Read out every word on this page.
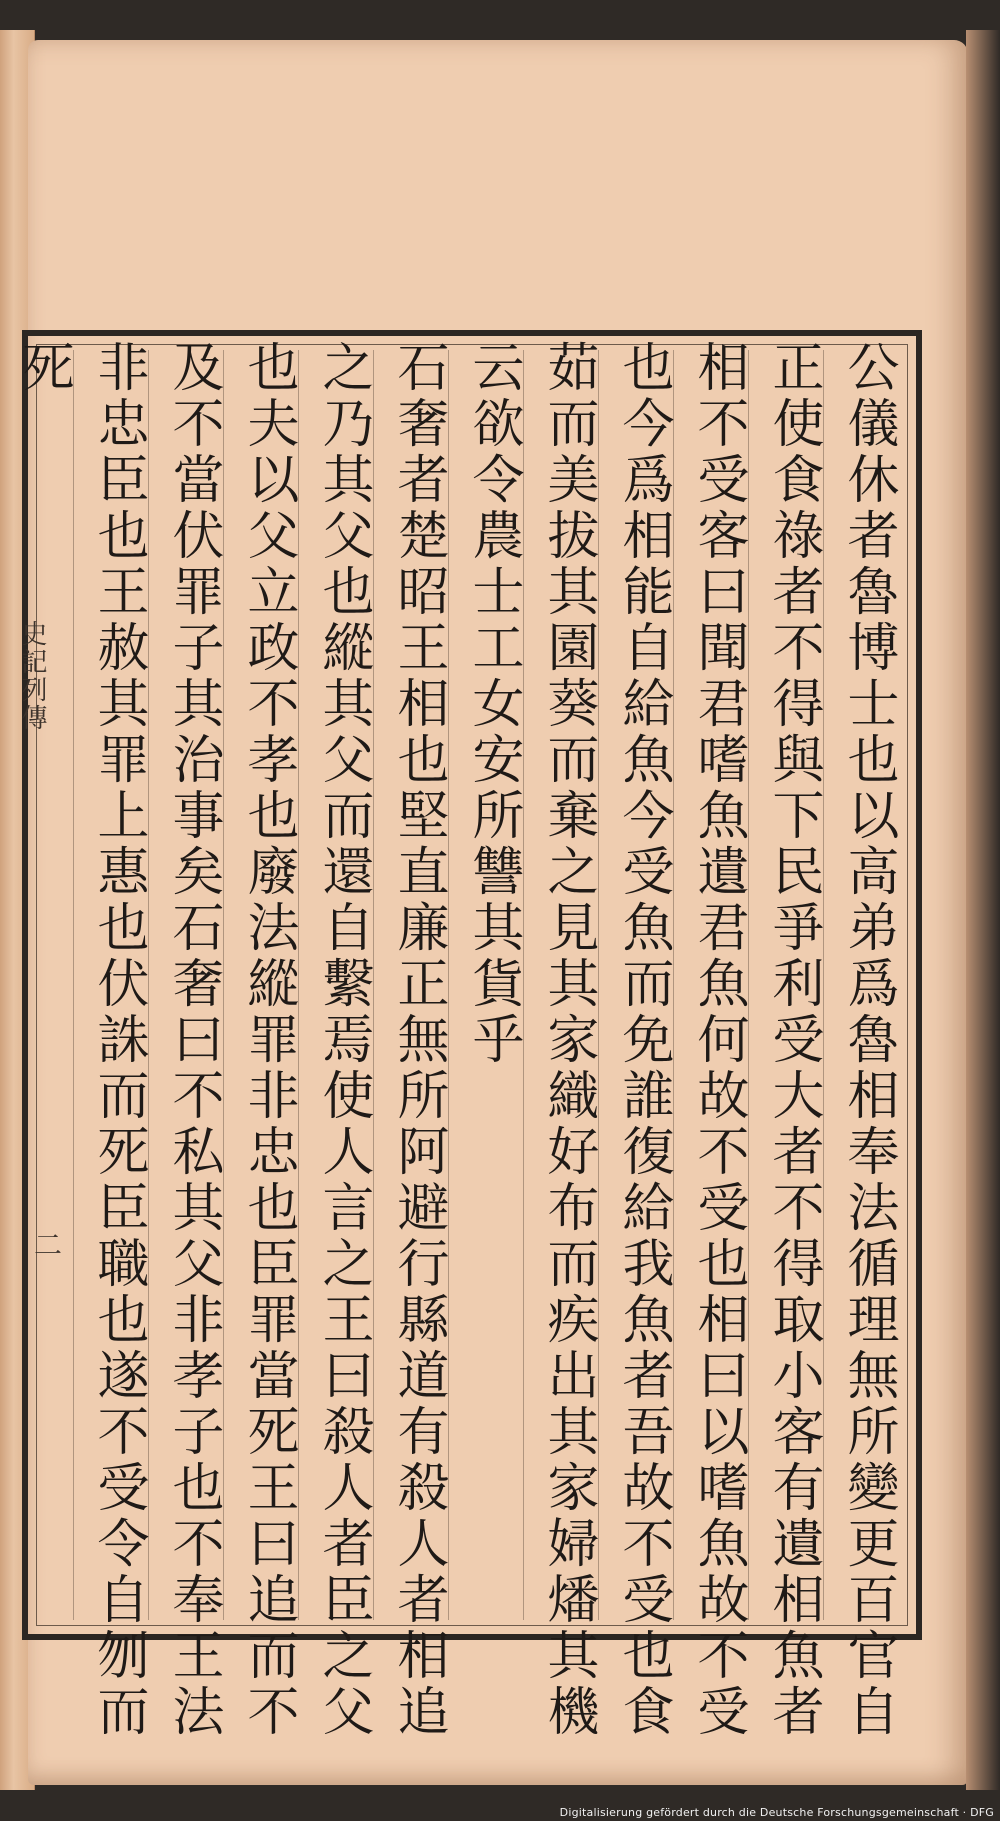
史記列傳
二	公儀休者魯博士也以高弟爲魯相奉法循理無所變更百官自
正使食祿者不得與下民爭利受大者不得取小客有遺相魚者
相不受客曰聞君嗜魚遺君魚何故不受也相曰以嗜魚故不受
也今爲相能自給魚今受魚而免誰復給我魚者吾故不受也食
茹而美拔其園葵而棄之見其家織好布而疾出其家婦燔其機
云欲令農士工女安所讐其貨乎
石奢者楚昭王相也堅直廉正無所阿避行縣道有殺人者相追
之乃其父也縱其父而還自繫焉使人言之王曰殺人者臣之父
也夫以父立政不孝也廢法縱罪非忠也臣罪當死王曰追而不
及不當伏罪子其治事矣石奢曰不私其父非孝子也不奉王法
非忠臣也王赦其罪上惠也伏誅而死臣職也遂不受令自刎而
死
Digitalisierung gefördert durch die Deutsche Forschungsgemeinschaft · DFG
